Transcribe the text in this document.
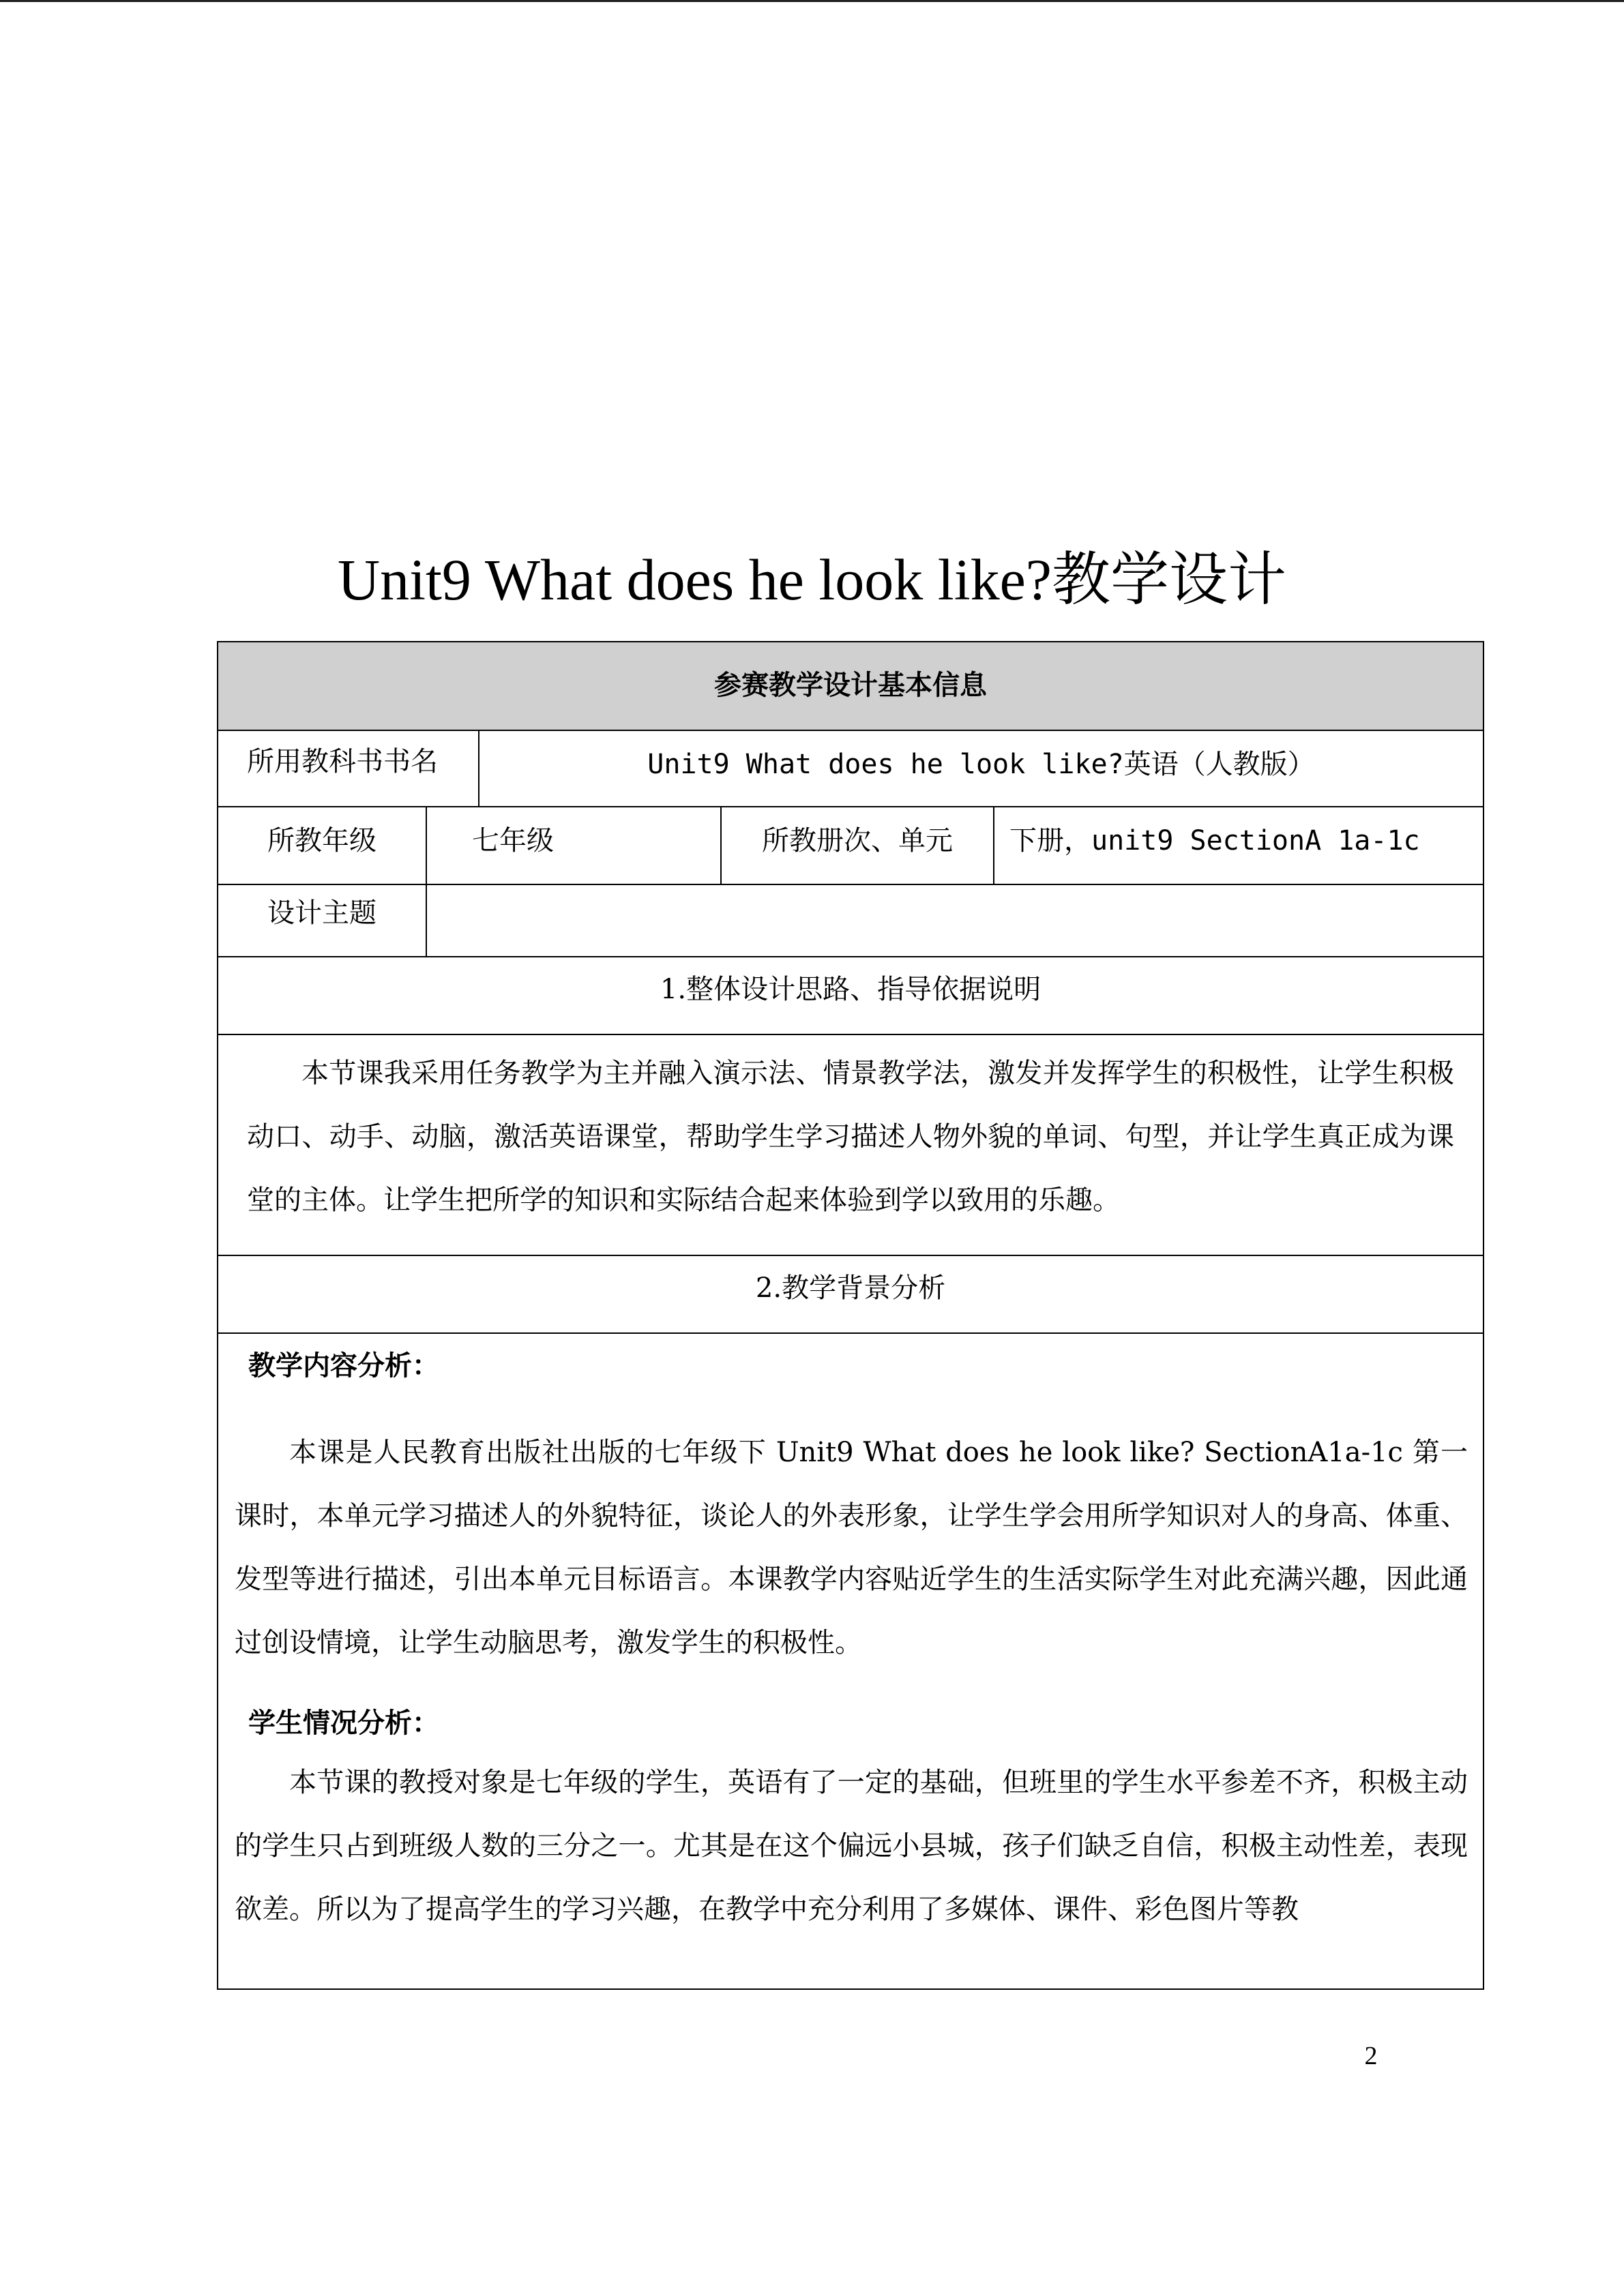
Unit9 What does he look like?教学设计
参赛教学设计基本信息
所用教科书书名	Unit9 What does he look like?英语（人教版）
所教年级	七年级	所教册次、单元	下册，unit9 SectionA 1a-1c
设计主题
1.整体设计思路、指导依据说明
本节课我采用任务教学为主并融入演示法、情景教学法，激发并发挥学生的积极性，让学生积极动口、动手、动脑，激活英语课堂，帮助学生学习描述人物外貌的单词、句型，并让学生真正成为课堂的主体。让学生把所学的知识和实际结合起来体验到学以致用的乐趣。
2.教学背景分析
教学内容分析：
本课是人民教育出版社出版的七年级下 Unit9 What does he look like? SectionA1a-1c 第一课时，本单元学习描述人的外貌特征，谈论人的外表形象，让学生学会用所学知识对人的身高、体重、发型等进行描述，引出本单元目标语言。本课教学内容贴近学生的生活实际学生对此充满兴趣，因此通过创设情境，让学生动脑思考，激发学生的积极性。
学生情况分析：
本节课的教授对象是七年级的学生，英语有了一定的基础，但班里的学生水平参差不齐，积极主动的学生只占到班级人数的三分之一。尤其是在这个偏远小县城，孩子们缺乏自信，积极主动性差，表现欲差。所以为了提高学生的学习兴趣，在教学中充分利用了多媒体、课件、彩色图片等教
2
